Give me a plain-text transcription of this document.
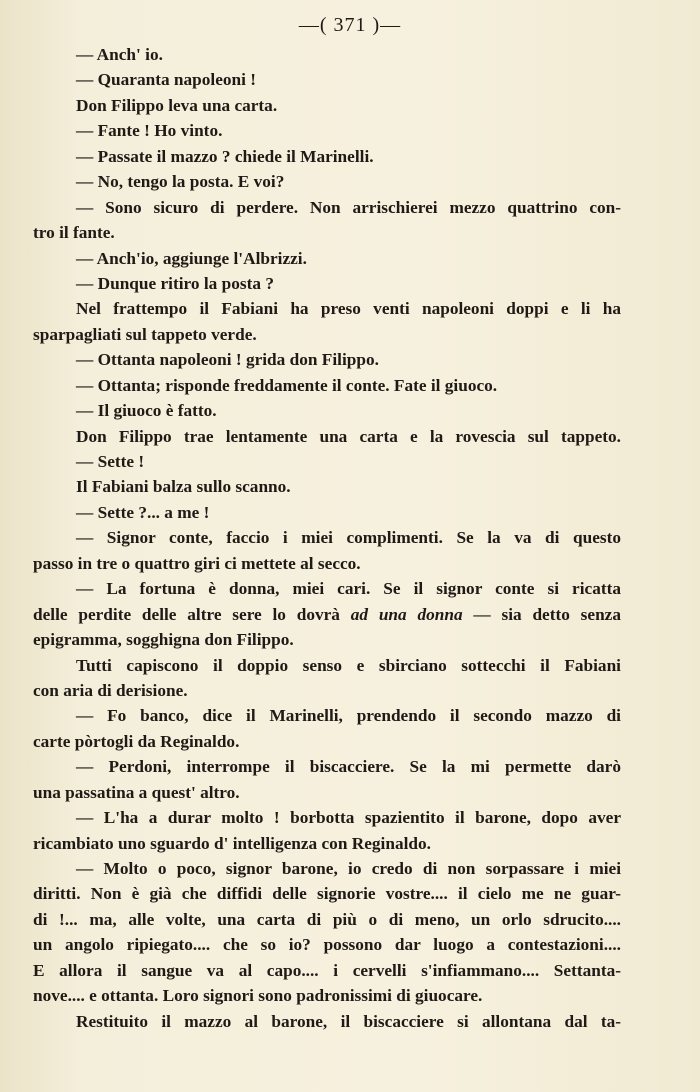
—( 371 )—
— Anch' io.
— Quaranta napoleoni !
Don Filippo leva una carta.
— Fante ! Ho vinto.
— Passate il mazzo ? chiede il Marinelli.
— No, tengo la posta. E voi?
— Sono sicuro di perdere. Non arrischierei mezzo quattrino con-
tro il fante.
— Anch'io, aggiunge l'Albrizzi.
— Dunque ritiro la posta ?
Nel frattempo il Fabiani ha preso venti napoleoni doppi e li ha
sparpagliati sul tappeto verde.
— Ottanta napoleoni ! grida don Filippo.
— Ottanta; risponde freddamente il conte. Fate il giuoco.
— Il giuoco è fatto.
Don Filippo trae lentamente una carta e la rovescia sul tappeto.
— Sette !
Il Fabiani balza sullo scanno.
— Sette ?... a me !
— Signor conte, faccio i miei complimenti. Se la va di questo
passo in tre o quattro giri ci mettete al secco.
— La fortuna è donna, miei cari. Se il signor conte si ricatta
delle perdite delle altre sere lo dovrà ad una donna — sia detto senza
epigramma, sogghigna don Filippo.
Tutti capiscono il doppio senso e sbirciano sottecchi il Fabiani
con aria di derisione.
— Fo banco, dice il Marinelli, prendendo il secondo mazzo di
carte pòrtogli da Reginaldo.
— Perdoni, interrompe il biscacciere. Se la mi permette darò
una passatina a quest' altro.
— L'ha a durar molto ! borbotta spazientito il barone, dopo aver
ricambiato uno sguardo d' intelligenza con Reginaldo.
— Molto o poco, signor barone, io credo di non sorpassare i miei
diritti. Non è già che diffidi delle signorie vostre.... il cielo me ne guar-
di !... ma, alle volte, una carta di più o di meno, un orlo sdrucito....
un angolo ripiegato.... che so io? possono dar luogo a contestazioni....
E allora il sangue va al capo.... i cervelli s'infiammano.... Settanta-
nove.... e ottanta. Loro signori sono padronissimi di giuocare.
Restituito il mazzo al barone, il biscacciere si allontana dal ta-
